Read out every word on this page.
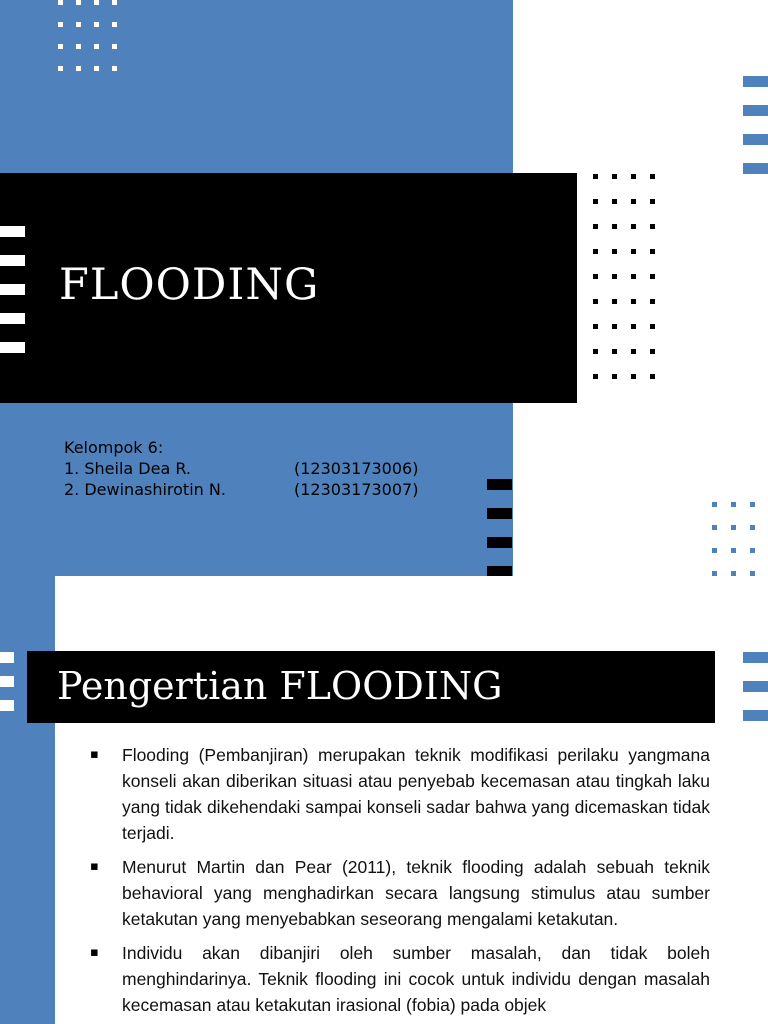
FLOODING
Kelompok 6:
1. Sheila Dea R.	(12303173006)
2. Dewinashirotin N.	(12303173007)
Pengertian FLOODING
▪	Flooding (Pembanjiran) merupakan teknik modifikasi perilaku yangmana konseli akan diberikan situasi atau penyebab kecemasan atau tingkah laku yang tidak dikehendaki sampai konseli sadar bahwa yang dicemaskan tidak terjadi.
▪	Menurut Martin dan Pear (2011), teknik flooding adalah sebuah teknik behavioral yang menghadirkan secara langsung stimulus atau sumber ketakutan yang menyebabkan seseorang mengalami ketakutan.
▪	Individu akan dibanjiri oleh sumber masalah, dan tidak boleh menghindarinya. Teknik flooding ini cocok untuk individu dengan masalah kecemasan atau ketakutan irasional (fobia) pada objek
